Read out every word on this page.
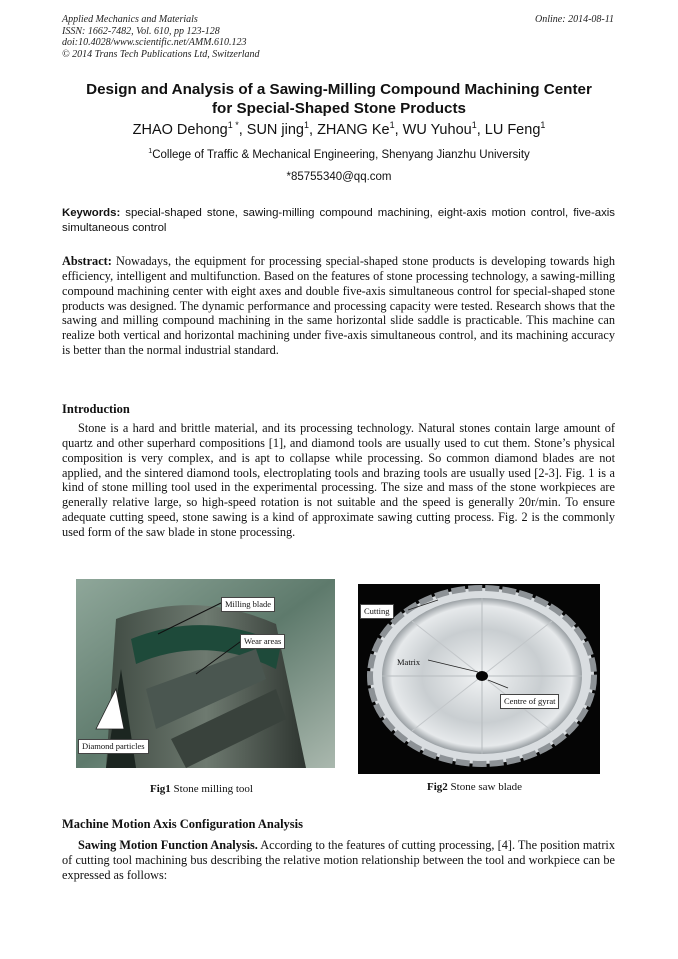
Applied Mechanics and Materials
ISSN: 1662-7482, Vol. 610, pp 123-128
doi:10.4028/www.scientific.net/AMM.610.123
© 2014 Trans Tech Publications Ltd, Switzerland
Online: 2014-08-11
Design and Analysis of a Sawing-Milling Compound Machining Center
for Special-Shaped Stone Products
ZHAO Dehong$^{1 *}$, SUN jing$^1$, ZHANG Ke$^1$, WU Yuhou$^1$, LU Feng$^1$
$^1$College of Traffic & Mechanical Engineering, Shenyang Jianzhu University
*85755340@qq.com
Keywords: special-shaped stone, sawing-milling compound machining, eight-axis motion control, five-axis simultaneous control
Abstract: Nowadays, the equipment for processing special-shaped stone products is developing towards high efficiency, intelligent and multifunction. Based on the features of stone processing technology, a sawing-milling compound machining center with eight axes and double five-axis simultaneous control for special-shaped stone products was designed. The dynamic performance and processing capacity were tested. Research shows that the sawing and milling compound machining in the same horizontal slide saddle is practicable. This machine can realize both vertical and horizontal machining under five-axis simultaneous control, and its machining accuracy is better than the normal industrial standard.
Introduction
Stone is a hard and brittle material, and its processing technology. Natural stones contain large amount of quartz and other superhard compositions [1], and diamond tools are usually used to cut them. Stone’s physical composition is very complex, and is apt to collapse while processing. So common diamond blades are not applied, and the sintered diamond tools, electroplating tools and brazing tools are usually used [2-3]. Fig. 1 is a kind of stone milling tool used in the experimental processing. The size and mass of the stone workpieces are generally relative large, so high-speed rotation is not suitable and the speed is generally 20r/min. To ensure adequate cutting speed, stone sawing is a kind of approximate sawing cutting process. Fig. 2 is the commonly used form of the saw blade in stone processing.
Milling blade
Wear areas
Diamond particles
Fig1 Stone milling tool
Cutting
Matrix
Centre of gyrat
Fig2 Stone saw blade
Machine Motion Axis Configuration Analysis
Sawing Motion Function Analysis. According to the features of cutting processing, [4]. The position matrix of cutting tool machining bus describing the relative motion relationship between the tool and workpiece can be expressed as follows:
